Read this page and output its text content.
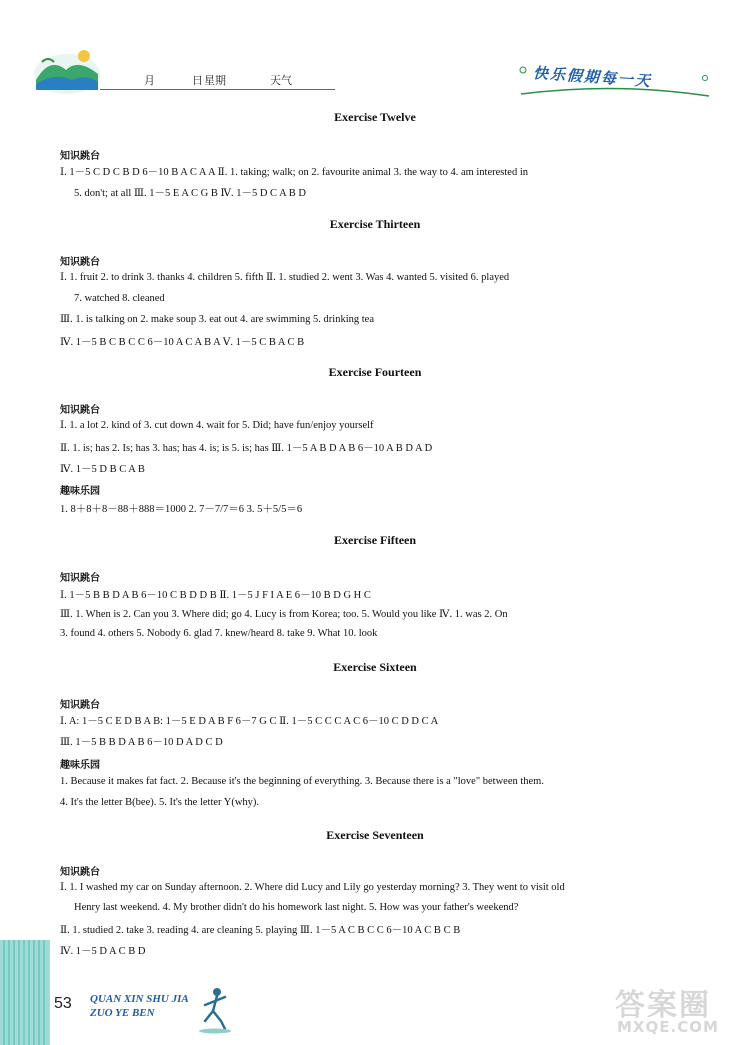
月	日 星期	天气	快乐假期每一天
Exercise Twelve
知识跳台
Ⅰ. 1－5 C D C B D 6－10 B A C A A Ⅱ. 1. taking; walk; on 2. favourite animal 3. the way to 4. am interested in
5. don't; at all Ⅲ. 1－5 E A C G B Ⅳ. 1－5 D C A B D
Exercise Thirteen
知识跳台
Ⅰ. 1. fruit 2. to drink 3. thanks 4. children 5. fifth Ⅱ. 1. studied 2. went 3. Was 4. wanted 5. visited 6. played
7. watched 8. cleaned
Ⅲ. 1. is talking on 2. make soup 3. eat out 4. are swimming 5. drinking tea
Ⅳ. 1－5 B C B C C 6－10 A C A B A Ⅴ. 1－5 C B A C B
Exercise Fourteen
知识跳台
Ⅰ. 1. a lot 2. kind of 3. cut down 4. wait for 5. Did; have fun/enjoy yourself
Ⅱ. 1. is; has 2. Is; has 3. has; has 4. is; is 5. is; has Ⅲ. 1－5 A B D A B 6－10 A B D A D
Ⅳ. 1－5 D B C A B
趣味乐园
1. 8＋8＋8－88＋888＝1000 2. 7－7/7＝6 3. 5＋5/5＝6
Exercise Fifteen
知识跳台
Ⅰ. 1－5 B B D A B 6－10 C B D D B Ⅱ. 1－5 J F I A E 6－10 B D G H C
Ⅲ. 1. When is 2. Can you 3. Where did; go 4. Lucy is from Korea; too. 5. Would you like Ⅳ. 1. was 2. On
3. found 4. others 5. Nobody 6. glad 7. knew/heard 8. take 9. What 10. look
Exercise Sixteen
知识跳台
Ⅰ. A: 1－5 C E D B A B: 1－5 E D A B F 6－7 G C Ⅱ. 1－5 C C C A C 6－10 C D D C A
Ⅲ. 1－5 B B D A B 6－10 D A D C D
趣味乐园
1. Because it makes fat fact. 2. Because it's the beginning of everything. 3. Because there is a "love" between them.
4. It's the letter B(bee). 5. It's the letter Y(why).
Exercise Seventeen
知识跳台
Ⅰ. 1. I washed my car on Sunday afternoon. 2. Where did Lucy and Lily go yesterday morning? 3. They went to visit old
Henry last weekend. 4. My brother didn't do his homework last night. 5. How was your father's weekend?
Ⅱ. 1. studied 2. take 3. reading 4. are cleaning 5. playing Ⅲ. 1－5 A C B C C 6－10 A C B C B
Ⅳ. 1－5 D A C B D
53 QUAN XIN SHU JIA
ZUO YE BEN	答案圈
MXQE.COM
